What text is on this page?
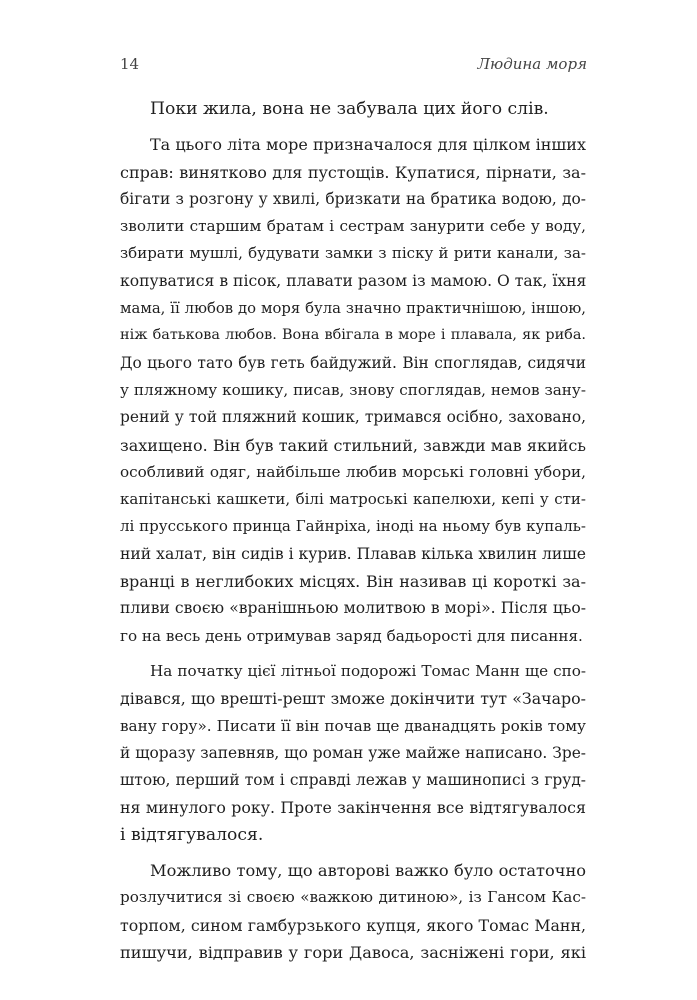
14	Людина моря

Поки жила, вона не забувала цих його слів.

Та цього літа море призначалося для цілком інших
справ: винятково для пустощів. Купатися, пірнати, за-
бігати з розгону у хвилі, бризкати на братика водою, до-
зволити старшим братам і сестрам занурити себе у воду,
збирати мушлі, будувати замки з піску й рити канали, за-
копуватися в пісок, плавати разом із мамою. О так, їхня
мама, її любов до моря була значно практичнішою, іншою,
ніж батькова любов. Вона вбігала в море і плавала, як риба.
До цього тато був геть байдужий. Він споглядав, сидячи
у пляжному кошику, писав, знову споглядав, немов зану-
рений у той пляжний кошик, тримався осібно, заховано,
захищено. Він був такий стильний, завжди мав якийсь
особливий одяг, найбільше любив морські головні убори,
капітанські кашкети, білі матроські капелюхи, кепі у сти-
лі прусського принца Гайнріха, іноді на ньому був купаль-
ний халат, він сидів і курив. Плавав кілька хвилин лише
вранці в неглибоких місцях. Він називав ці короткі за-
пливи своєю «вранішньою молитвою в морі». Після цьо-
го на весь день отримував заряд бадьорості для писання.

На початку цієї літньої подорожі Томас Манн ще спо-
дівався, що врешті-решт зможе докінчити тут «Зачаро-
вану гору». Писати її він почав ще дванадцять років тому
й щоразу запевняв, що роман уже майже написано. Зре-
штою, перший том і справді лежав у машинописі з груд-
ня минулого року. Проте закінчення все відтягувалося
і відтягувалося.

Можливо тому, що авторові важко було остаточно
розлучитися зі своєю «важкою дитиною», із Гансом Кас-
торпом, сином гамбурзького купця, якого Томас Манн,
пишучи, відправив у гори Давоса, засніжені гори, які
